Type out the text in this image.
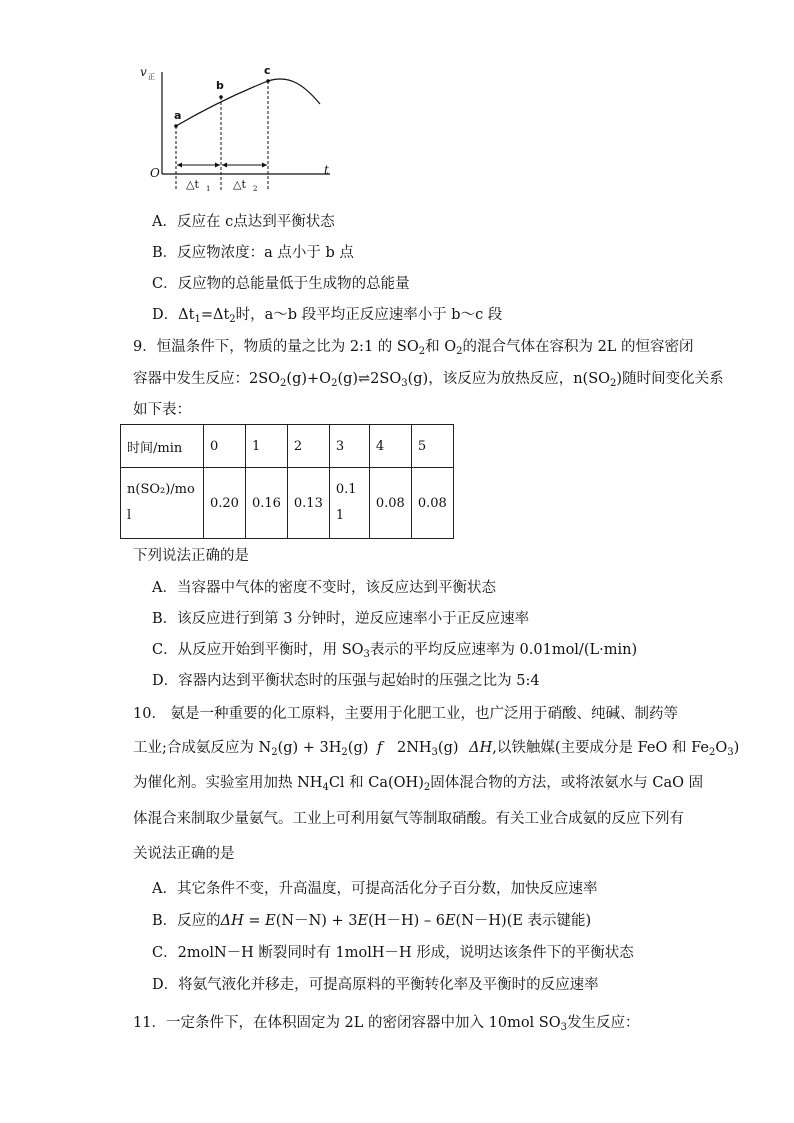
v 正
t
O
a
b
c
△t 1 △t 2
A．反应在 c点达到平衡状态
B．反应物浓度：a 点小于 b 点
C．反应物的总能量低于生成物的总能量
D．$\Delta t_1=\Delta t_2$时，a～b 段平均正反应速率小于 b～c 段
9．恒温条件下，物质的量之比为 2:1 的 $SO_2$和 $O_2$的混合气体在容积为 2L 的恒容密闭
容器中发生反应：$2SO_2(g)+O_2(g)\rightleftharpoons 2SO_3(g)$，该反应为放热反应，$n(SO_2)$随时间变化关系
如下表：
时间/min	0	1	2	3	4	5
n(SO₂)/mol	0.20	0.16	0.13	0.11	0.08	0.08
下列说法正确的是
A．当容器中气体的密度不变时，该反应达到平衡状态
B．该反应进行到第 3 分钟时，逆反应速率小于正反应速率
C．从反应开始到平衡时，用 $SO_3$表示的平均反应速率为 0.01mol/(L·min)
D．容器内达到平衡状态时的压强与起始时的压强之比为 5:4
10． 氨是一种重要的化工原料，主要用于化肥工业，也广泛用于硝酸、纯碱、制药等
工业;合成氨反应为 $N_2(g) + 3H_2(g)$ f $2NH_3(g)$ ΔH,以铁触媒(主要成分是 FeO 和 $Fe_2O_3$)
为催化剂。实验室用加热 $NH_4Cl$ 和 $Ca(OH)_2$固体混合物的方法，或将浓氨水与 CaO 固
体混合来制取少量氨气。工业上可利用氨气等制取硝酸。有关工业合成氨的反应下列有
关说法正确的是
A．其它条件不变，升高温度，可提高活化分子百分数，加快反应速率
B．反应的ΔH = E(N－N) + 3E(H－H) – 6E(N－H)(E 表示键能)
C．2molN－H 断裂同时有 1molH－H 形成，说明达该条件下的平衡状态
D．将氨气液化并移走，可提高原料的平衡转化率及平衡时的反应速率
11．一定条件下，在体积固定为 2L 的密闭容器中加入 10mol $SO_3$发生反应：
